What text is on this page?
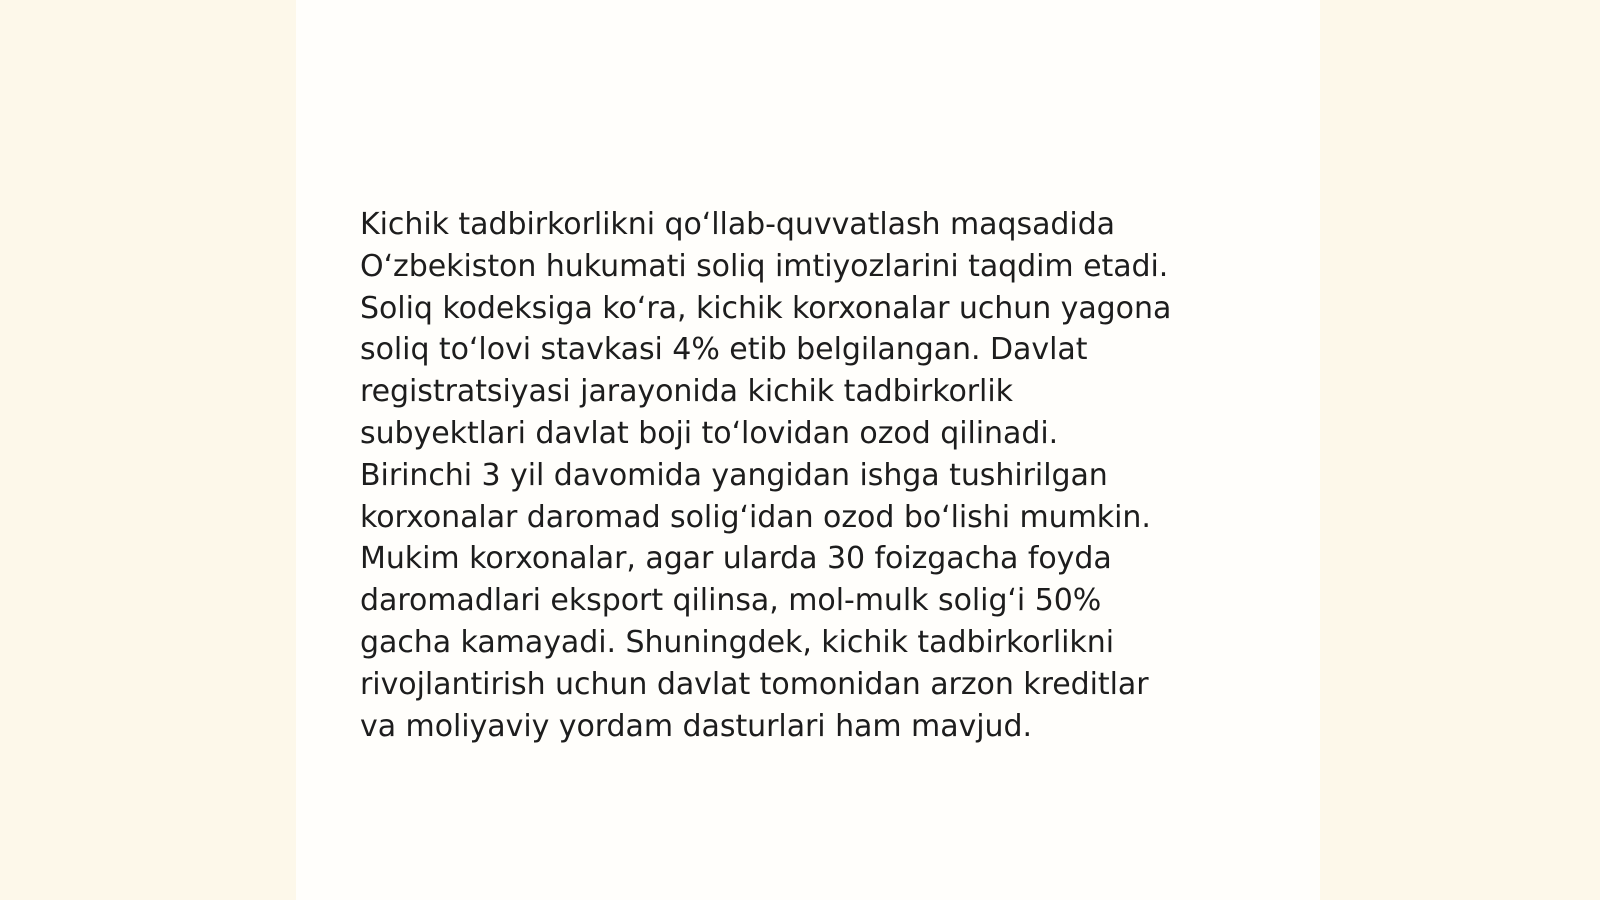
Kichik tadbirkorlikni qoʻllab-quvvatlash maqsadida
Oʻzbekiston hukumati soliq imtiyozlarini taqdim etadi.
Soliq kodeksiga koʻra, kichik korxonalar uchun yagona
soliq toʻlovi stavkasi 4% etib belgilangan. Davlat
registratsiyasi jarayonida kichik tadbirkorlik
subyektlari davlat boji toʻlovidan ozod qilinadi.
Birinchi 3 yil davomida yangidan ishga tushirilgan
korxonalar daromad soligʻidan ozod boʻlishi mumkin.
Mukim korxonalar, agar ularda 30 foizgacha foyda
daromadlari eksport qilinsa, mol-mulk soligʻi 50%
gacha kamayadi. Shuningdek, kichik tadbirkorlikni
rivojlantirish uchun davlat tomonidan arzon kreditlar
va moliyaviy yordam dasturlari ham mavjud.
